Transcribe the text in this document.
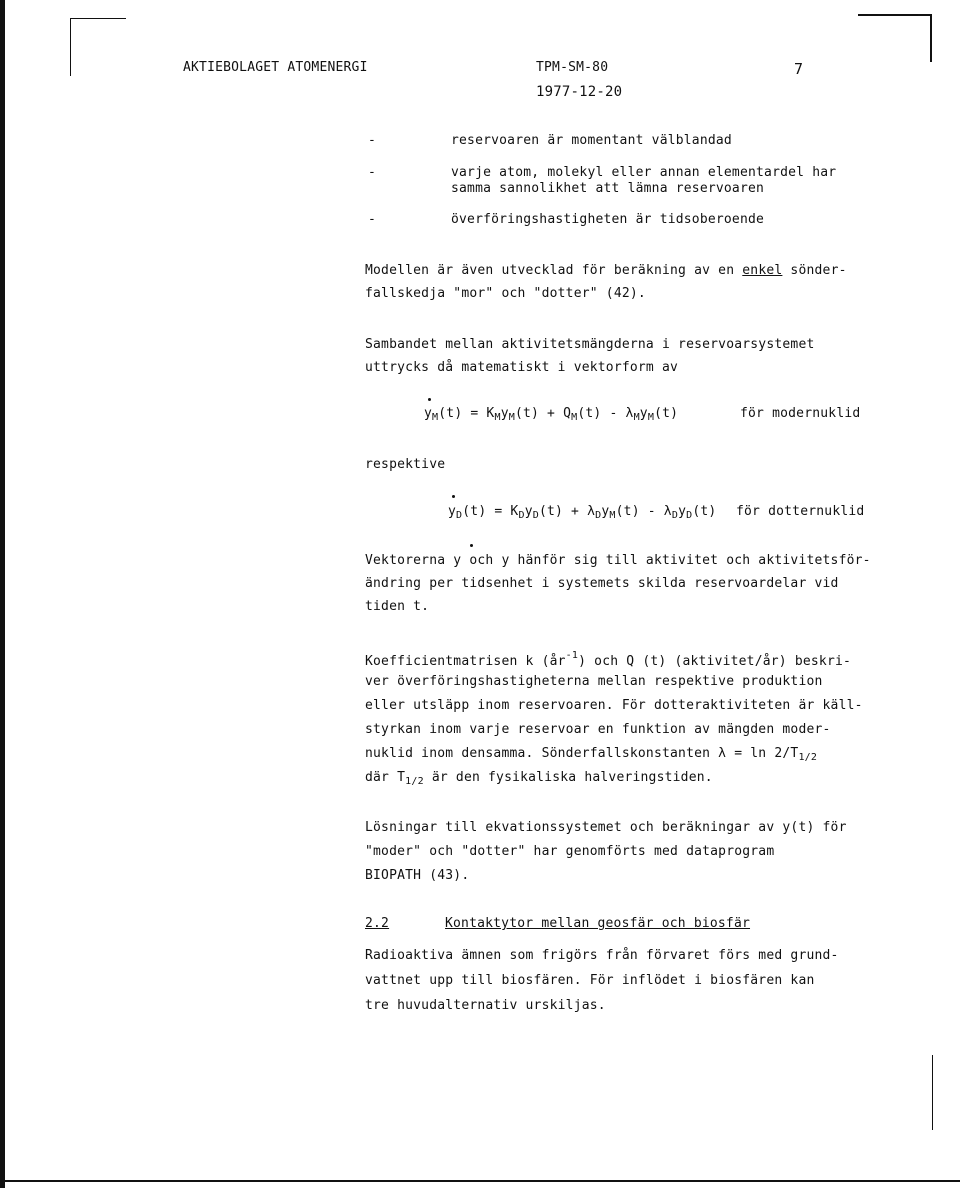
AKTIEBOLAGET ATOMENERGI	TPM-SM-80	7
1977-12-20
-	reservoaren är momentant välblandad
-	varje atom, molekyl eller annan elementardel har
samma sannolikhet att lämna reservoaren
-	överföringshastigheten är tidsoberoende
Modellen är även utvecklad för beräkning av en enkel sönder-
fallskedja "mor" och "dotter" (42).
Sambandet mellan aktivitetsmängderna i reservoarsystemet
uttrycks då matematiskt i vektorform av
$y_M(t) = K_My_M(t) + Q_M(t) - \lambda_My_M(t)$	för modernuklid
respektive
$y_D(t) = K_Dy_D(t) + \lambda_Dy_M(t) - \lambda_Dy_D(t)$ för dotternuklid
Vektorerna y och y hänför sig till aktivitet och aktivitetsför-
ändring per tidsenhet i systemets skilda reservoardelar vid
tiden t.
Koefficientmatrisen k $(år^{-1})$ och Q (t) (aktivitet/år) beskri-
ver överföringshastigheterna mellan respektive produktion
eller utsläpp inom reservoaren. För dotteraktiviteten är käll-
styrkan inom varje reservoar en funktion av mängden moder-
nuklid inom densamma. Sönderfallskonstanten $\lambda = \ln 2/T_{1/2}$
där $T_{1/2}$ är den fysikaliska halveringstiden.
Lösningar till ekvationssystemet och beräkningar av y(t) för
"moder" och "dotter" har genomförts med dataprogram
BIOPATH (43).
2.2	Kontaktytor mellan geosfär och biosfär
Radioaktiva ämnen som frigörs från förvaret förs med grund-
vattnet upp till biosfären. För inflödet i biosfären kan
tre huvudalternativ urskiljas.
